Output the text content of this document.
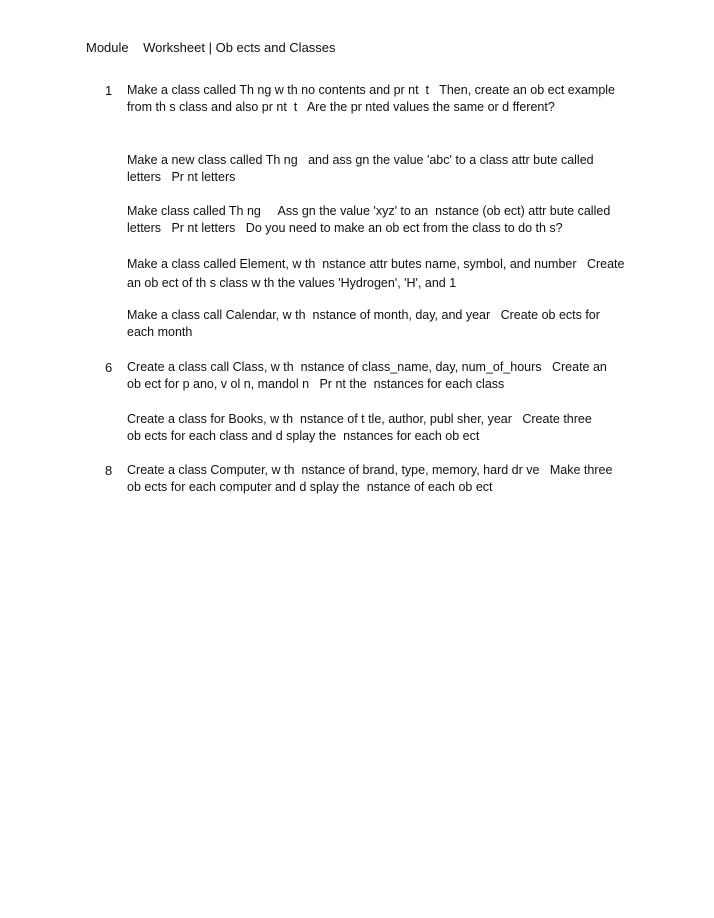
Module    Worksheet | Ob ects and Classes
1 Make a class called Th ng w th no contents and pr nt  t   Then, create an ob ect example
from th s class and also pr nt  t   Are the pr nted values the same or d fferent?
Make a new class called Th ng   and ass gn the value 'abc' to a class attr bute called
letters   Pr nt letters
Make class called Th ng     Ass gn the value 'xyz' to an  nstance (ob ect) attr bute called
letters   Pr nt letters   Do you need to make an ob ect from the class to do th s?
Make a class called Element, w th  nstance attr butes name, symbol, and number   Create
an ob ect of th s class w th the values 'Hydrogen', 'H', and 1
Make a class call Calendar, w th  nstance of month, day, and year   Create ob ects for
each month
6 Create a class call Class, w th  nstance of class_name, day, num_of_hours   Create an
ob ect for p ano, v ol n, mandol n   Pr nt the  nstances for each class
Create a class for Books, w th  nstance of t tle, author, publ sher, year   Create three
ob ects for each class and d splay the  nstances for each ob ect
8 Create a class Computer, w th  nstance of brand, type, memory, hard dr ve   Make three
ob ects for each computer and d splay the  nstance of each ob ect
